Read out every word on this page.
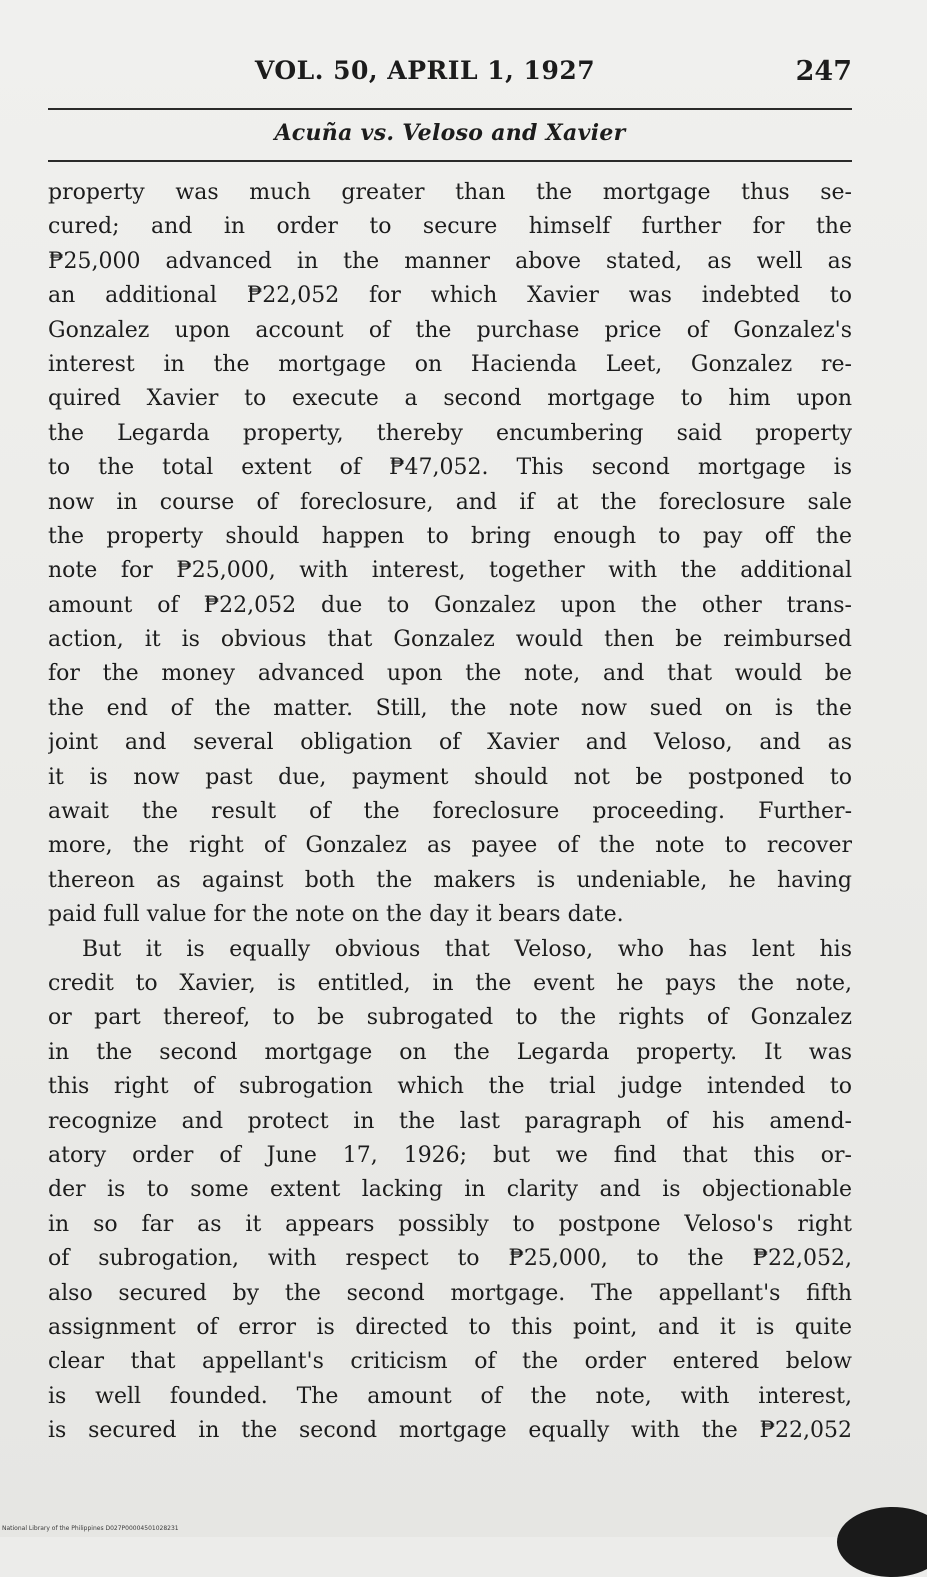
VOL. 50, APRIL 1, 1927	247
Acuña vs. Veloso and Xavier
property was much greater than the mortgage thus se-
cured; and in order to secure himself further for the
₱25,000 advanced in the manner above stated, as well as
an additional ₱22,052 for which Xavier was indebted to
Gonzalez upon account of the purchase price of Gonzalez's
interest in the mortgage on Hacienda Leet, Gonzalez re-
quired Xavier to execute a second mortgage to him upon
the Legarda property, thereby encumbering said property
to the total extent of ₱47,052. This second mortgage is
now in course of foreclosure, and if at the foreclosure sale
the property should happen to bring enough to pay off the
note for ₱25,000, with interest, together with the additional
amount of ₱22,052 due to Gonzalez upon the other trans-
action, it is obvious that Gonzalez would then be reimbursed
for the money advanced upon the note, and that would be
the end of the matter. Still, the note now sued on is the
joint and several obligation of Xavier and Veloso, and as
it is now past due, payment should not be postponed to
await the result of the foreclosure proceeding. Further-
more, the right of Gonzalez as payee of the note to recover
thereon as against both the makers is undeniable, he having
paid full value for the note on the day it bears date.
But it is equally obvious that Veloso, who has lent his
credit to Xavier, is entitled, in the event he pays the note,
or part thereof, to be subrogated to the rights of Gonzalez
in the second mortgage on the Legarda property. It was
this right of subrogation which the trial judge intended to
recognize and protect in the last paragraph of his amend-
atory order of June 17, 1926; but we find that this or-
der is to some extent lacking in clarity and is objectionable
in so far as it appears possibly to postpone Veloso's right
of subrogation, with respect to ₱25,000, to the ₱22,052,
also secured by the second mortgage. The appellant's fifth
assignment of error is directed to this point, and it is quite
clear that appellant's criticism of the order entered below
is well founded. The amount of the note, with interest,
is secured in the second mortgage equally with the ₱22,052
National Library of the Philippines D027P00004501028231
